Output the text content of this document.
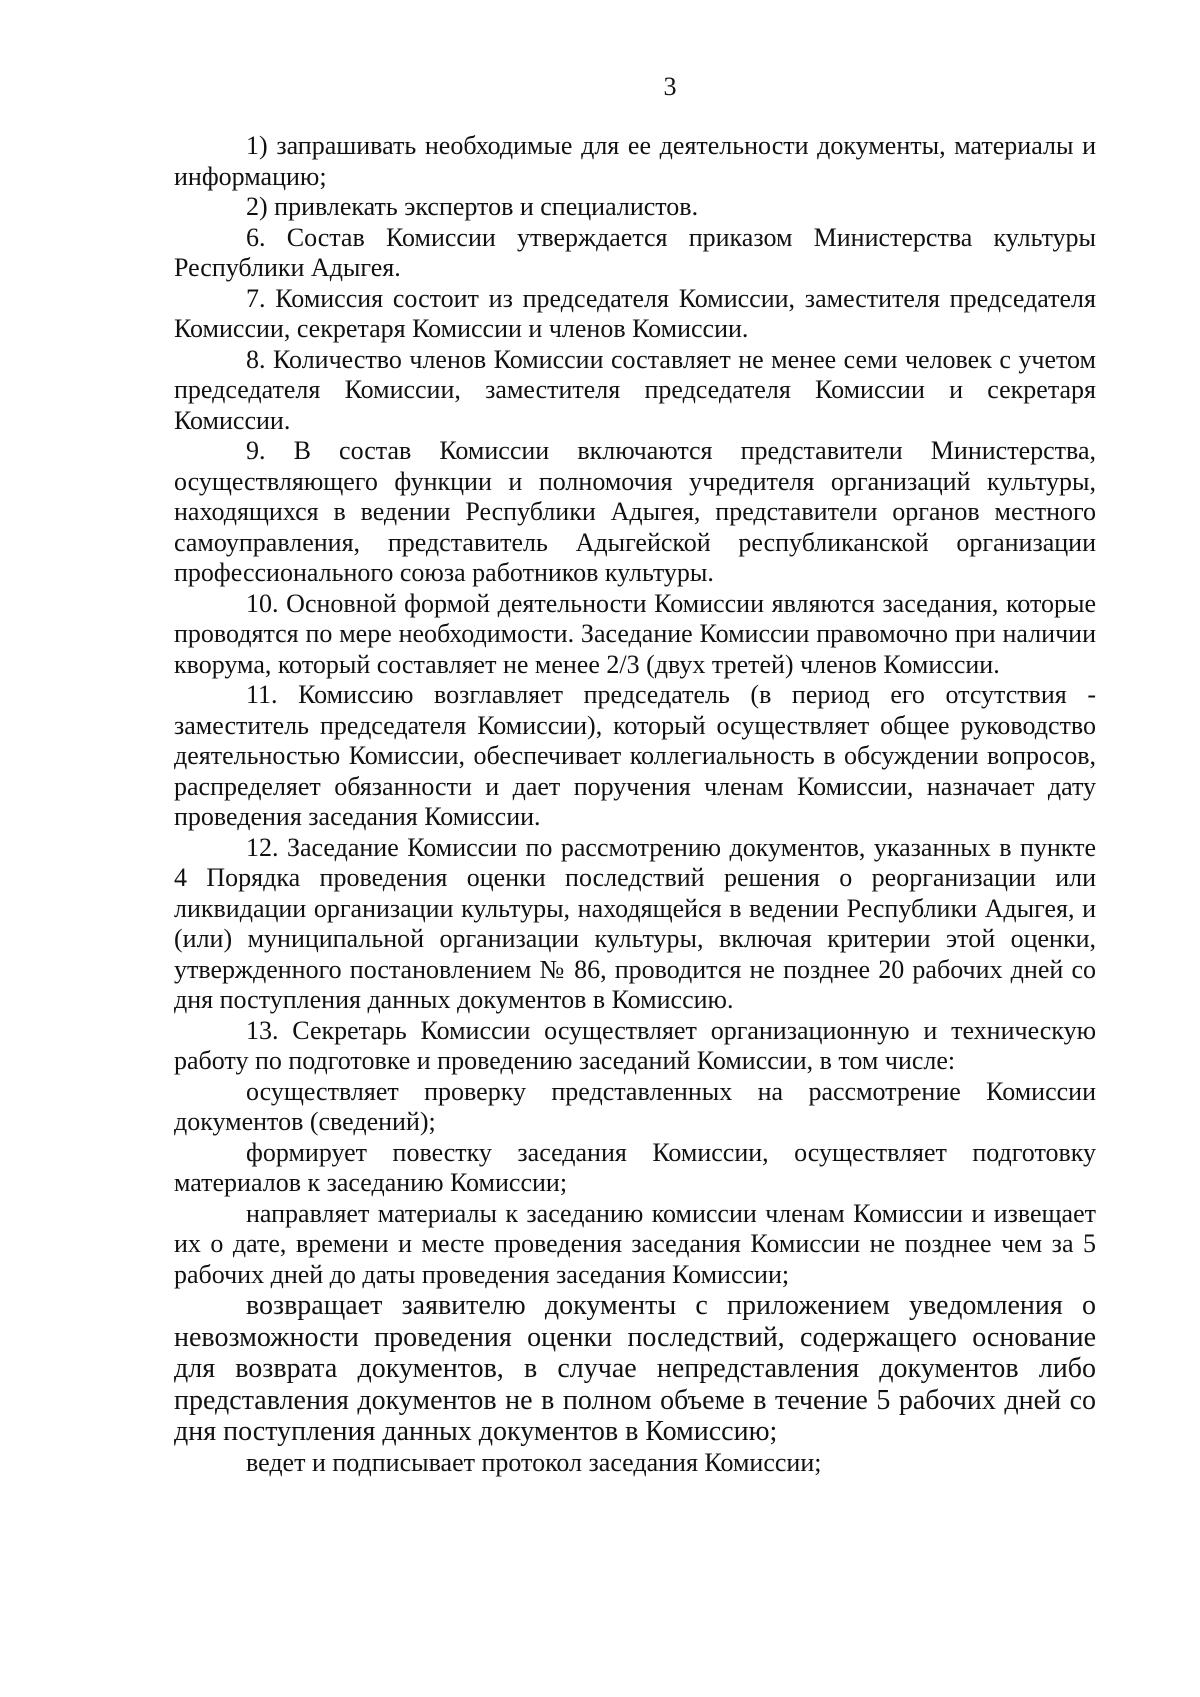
3

1) запрашивать необходимые для ее деятельности документы, материалы и информацию;

2) привлекать экспертов и специалистов.

6. Состав Комиссии утверждается приказом Министерства культуры Республики Адыгея.

7. Комиссия состоит из председателя Комиссии, заместителя председателя Комиссии, секретаря Комиссии и членов Комиссии.

8. Количество членов Комиссии составляет не менее семи человек с учетом председателя Комиссии, заместителя председателя Комиссии и секретаря Комиссии.

9. В состав Комиссии включаются представители Министерства, осуществляющего функции и полномочия учредителя организаций культуры, находящихся в ведении Республики Адыгея, представители органов местного самоуправления, представитель Адыгейской республиканской организации профессионального союза работников культуры.

10. Основной формой деятельности Комиссии являются заседания, которые проводятся по мере необходимости. Заседание Комиссии правомочно при наличии кворума, который составляет не менее 2/3 (двух третей) членов Комиссии.

11. Комиссию возглавляет председатель (в период его отсутствия - заместитель председателя Комиссии), который осуществляет общее руководство деятельностью Комиссии, обеспечивает коллегиальность в обсуждении вопросов, распределяет обязанности и дает поручения членам Комиссии, назначает дату проведения заседания Комиссии.

12. Заседание Комиссии по рассмотрению документов, указанных в пункте 4 Порядка проведения оценки последствий решения о реорганизации или ликвидации организации культуры, находящейся в ведении Республики Адыгея, и (или) муниципальной организации культуры, включая критерии этой оценки, утвержденного постановлением № 86, проводится не позднее 20 рабочих дней со дня поступления данных документов в Комиссию.

13. Секретарь Комиссии осуществляет организационную и техническую работу по подготовке и проведению заседаний Комиссии, в том числе:

осуществляет проверку представленных на рассмотрение Комиссии документов (сведений);

формирует повестку заседания Комиссии, осуществляет подготовку материалов к заседанию Комиссии;

направляет материалы к заседанию комиссии членам Комиссии и извещает их о дате, времени и месте проведения заседания Комиссии не позднее чем за 5 рабочих дней до даты проведения заседания Комиссии;

возвращает заявителю документы с приложением уведомления о невозможности проведения оценки последствий, содержащего основание для возврата документов, в случае непредставления документов либо представления документов не в полном объеме в течение 5 рабочих дней со дня поступления данных документов в Комиссию;

ведет и подписывает протокол заседания Комиссии;
